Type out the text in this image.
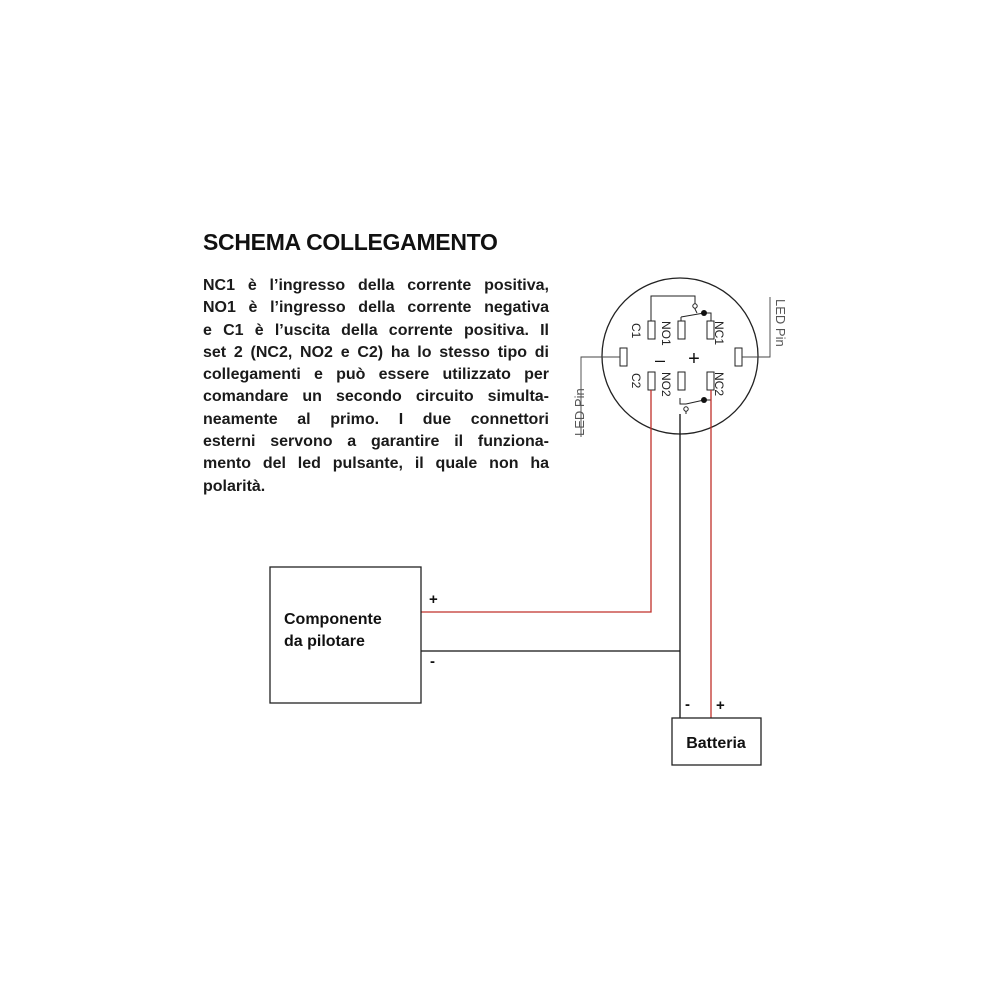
SCHEMA COLLEGAMENTO
NC1 è l’ingresso della corrente positiva,
NO1 è l’ingresso della corrente negativa
e C1 è l’uscita della corrente positiva. Il
set 2 (NC2, NO2 e C2) ha lo stesso tipo di
collegamenti e può essere utilizzato per
comandare un secondo circuito simulta-
neamente al primo. I due connettori
esterni servono a garantire il funziona-
mento del led pulsante, il quale non ha
polarità.
C1 NO1	NC1
C2 NO2	NC2
– +
LED Pin
LED Pin
Componente
da pilotare
+
-
Batteria
- +
